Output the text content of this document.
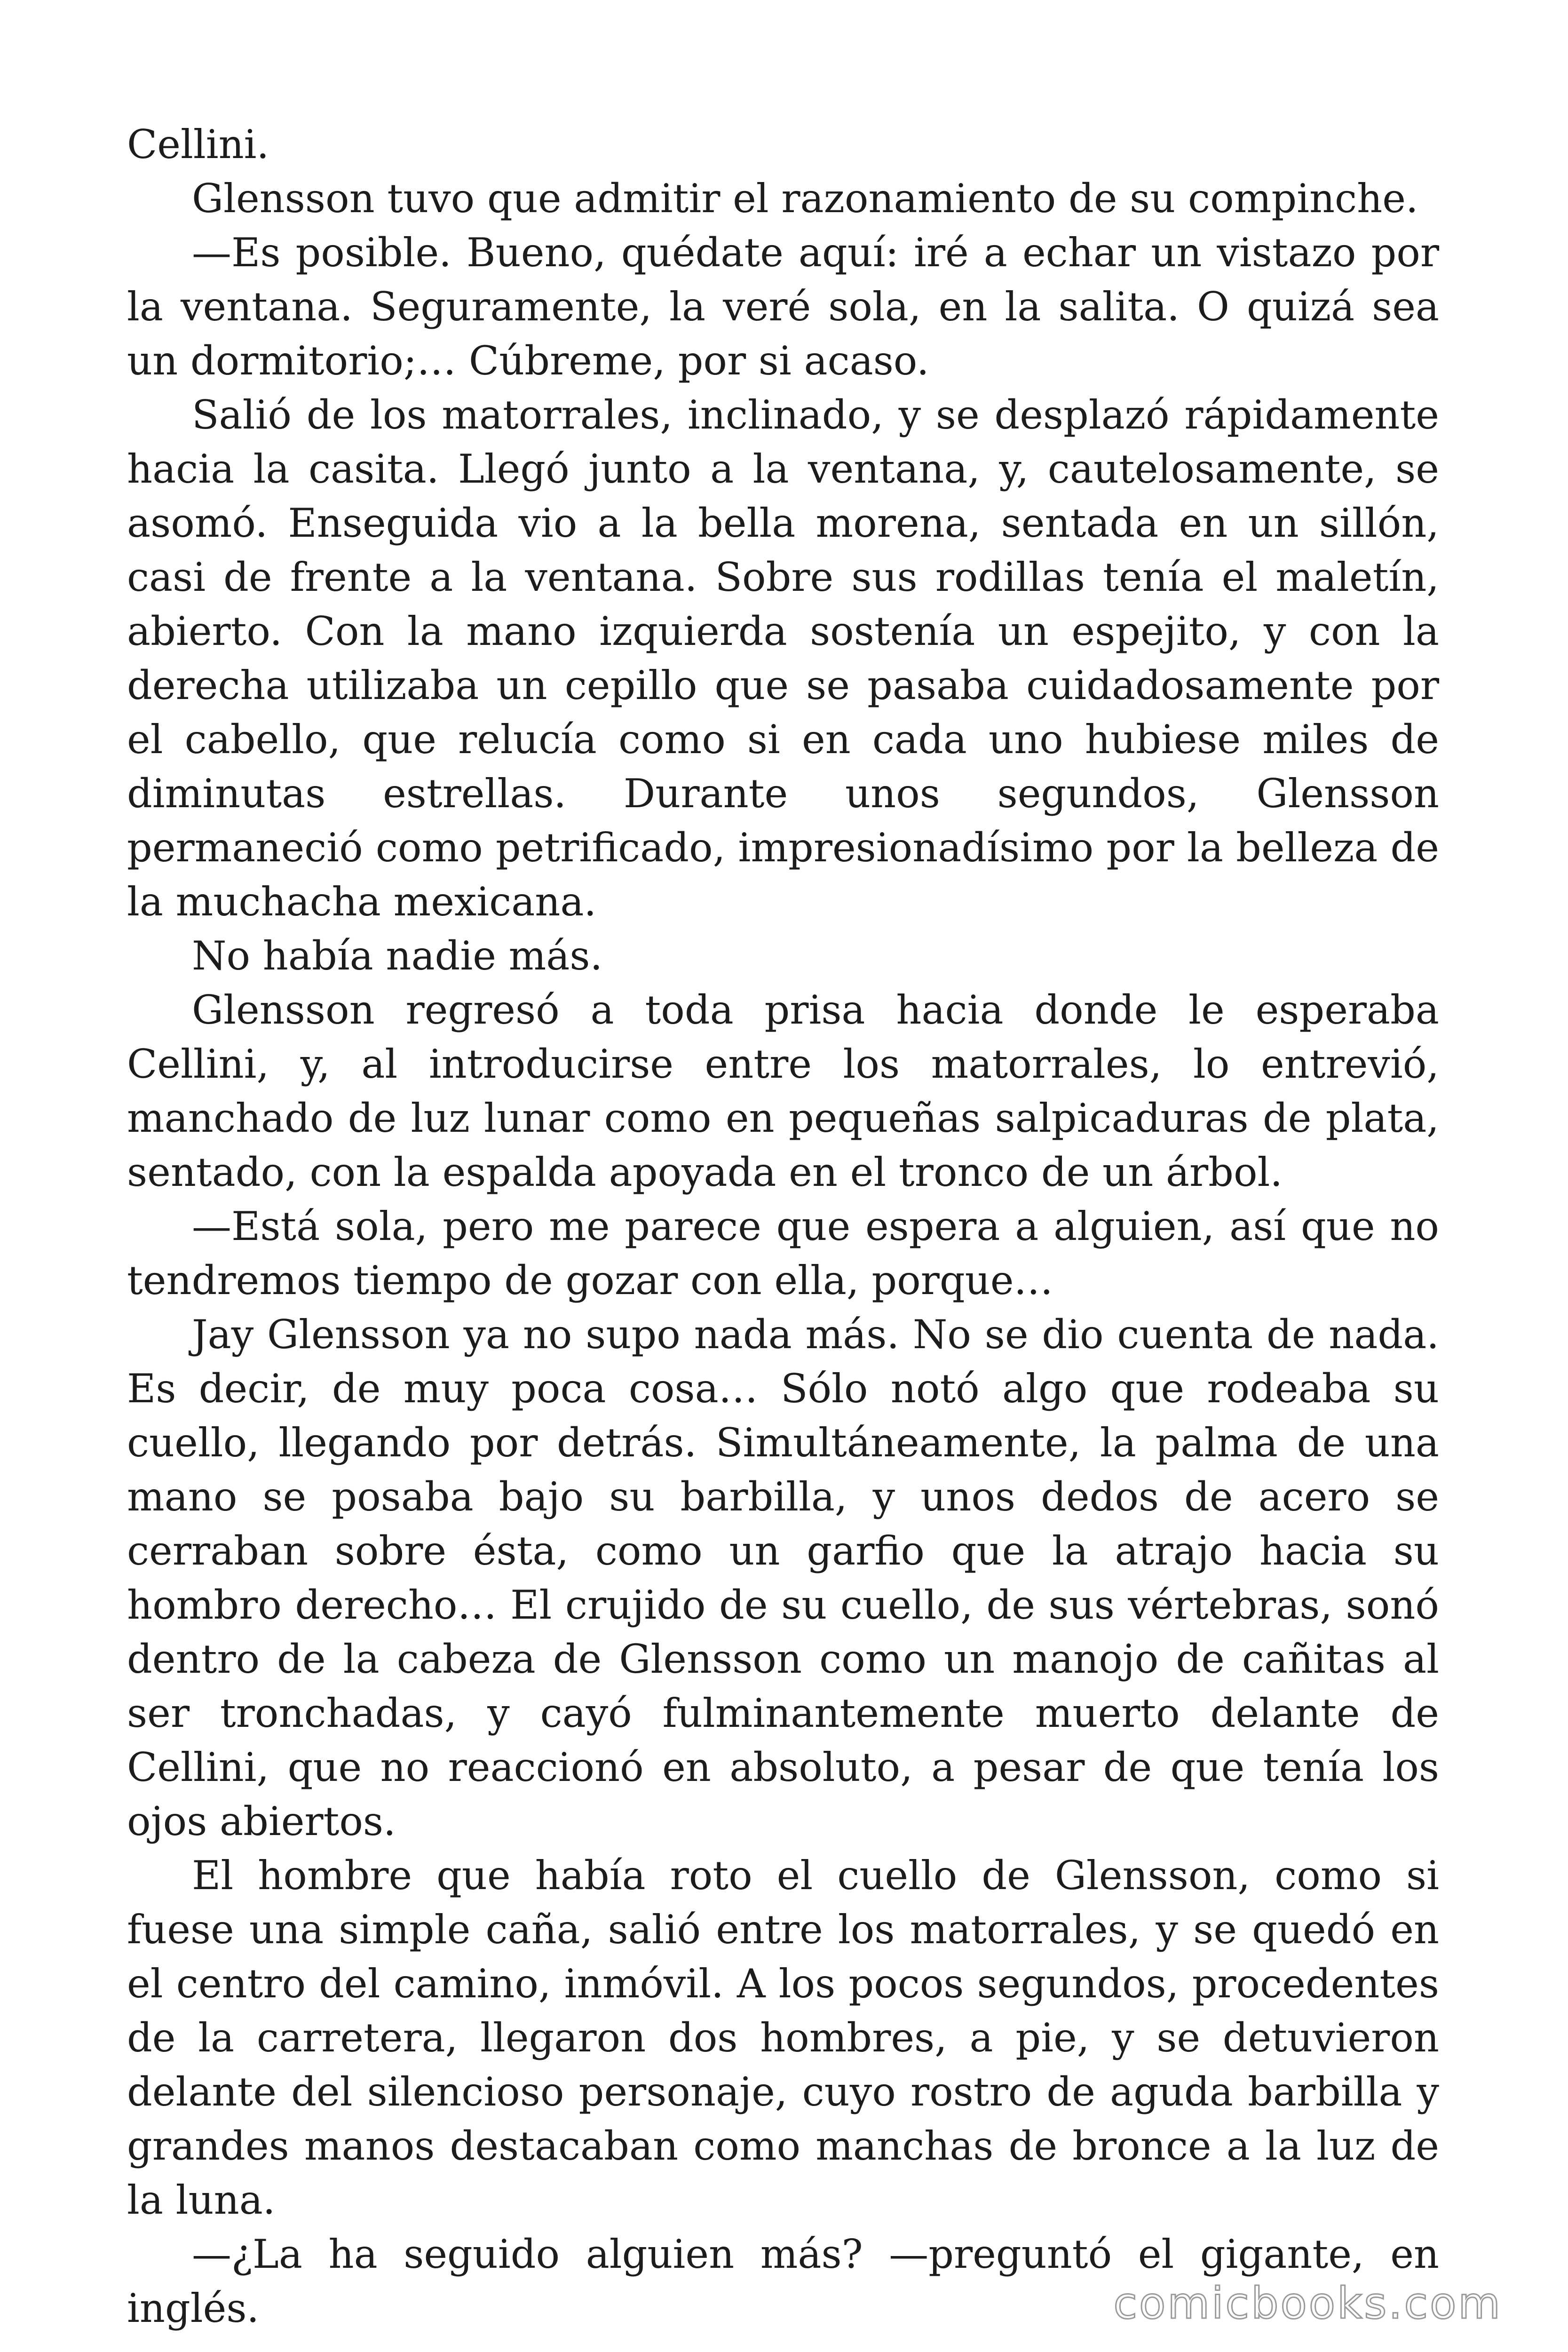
Cellini.

Glensson tuvo que admitir el razonamiento de su compinche.

—Es posible. Bueno, quédate aquí: iré a echar un vistazo por la ventana. Seguramente, la veré sola, en la salita. O quizá sea un dormitorio;… Cúbreme, por si acaso.

Salió de los matorrales, inclinado, y se desplazó rápidamente hacia la casita. Llegó junto a la ventana, y, cautelosamente, se asomó. Enseguida vio a la bella morena, sentada en un sillón, casi de frente a la ventana. Sobre sus rodillas tenía el maletín, abierto. Con la mano izquierda sostenía un espejito, y con la derecha utilizaba un cepillo que se pasaba cuidadosamente por el cabello, que relucía como si en cada uno hubiese miles de diminutas estrellas. Durante unos segundos, Glensson permaneció como petrificado, impresionadísimo por la belleza de la muchacha mexicana.

No había nadie más.

Glensson regresó a toda prisa hacia donde le esperaba Cellini, y, al introducirse entre los matorrales, lo entrevió, manchado de luz lunar como en pequeñas salpicaduras de plata, sentado, con la espalda apoyada en el tronco de un árbol.

—Está sola, pero me parece que espera a alguien, así que no tendremos tiempo de gozar con ella, porque…

Jay Glensson ya no supo nada más. No se dio cuenta de nada. Es decir, de muy poca cosa… Sólo notó algo que rodeaba su cuello, llegando por detrás. Simultáneamente, la palma de una mano se posaba bajo su barbilla, y unos dedos de acero se cerraban sobre ésta, como un garfio que la atrajo hacia su hombro derecho… El crujido de su cuello, de sus vértebras, sonó dentro de la cabeza de Glensson como un manojo de cañitas al ser tronchadas, y cayó fulminantemente muerto delante de Cellini, que no reaccionó en absoluto, a pesar de que tenía los ojos abiertos.

El hombre que había roto el cuello de Glensson, como si fuese una simple caña, salió entre los matorrales, y se quedó en el centro del camino, inmóvil. A los pocos segundos, procedentes de la carretera, llegaron dos hombres, a pie, y se detuvieron delante del silencioso personaje, cuyo rostro de aguda barbilla y grandes manos destacaban como manchas de bronce a la luz de la luna.

—¿La ha seguido alguien más? —preguntó el gigante, en inglés.	comicbooks.com
